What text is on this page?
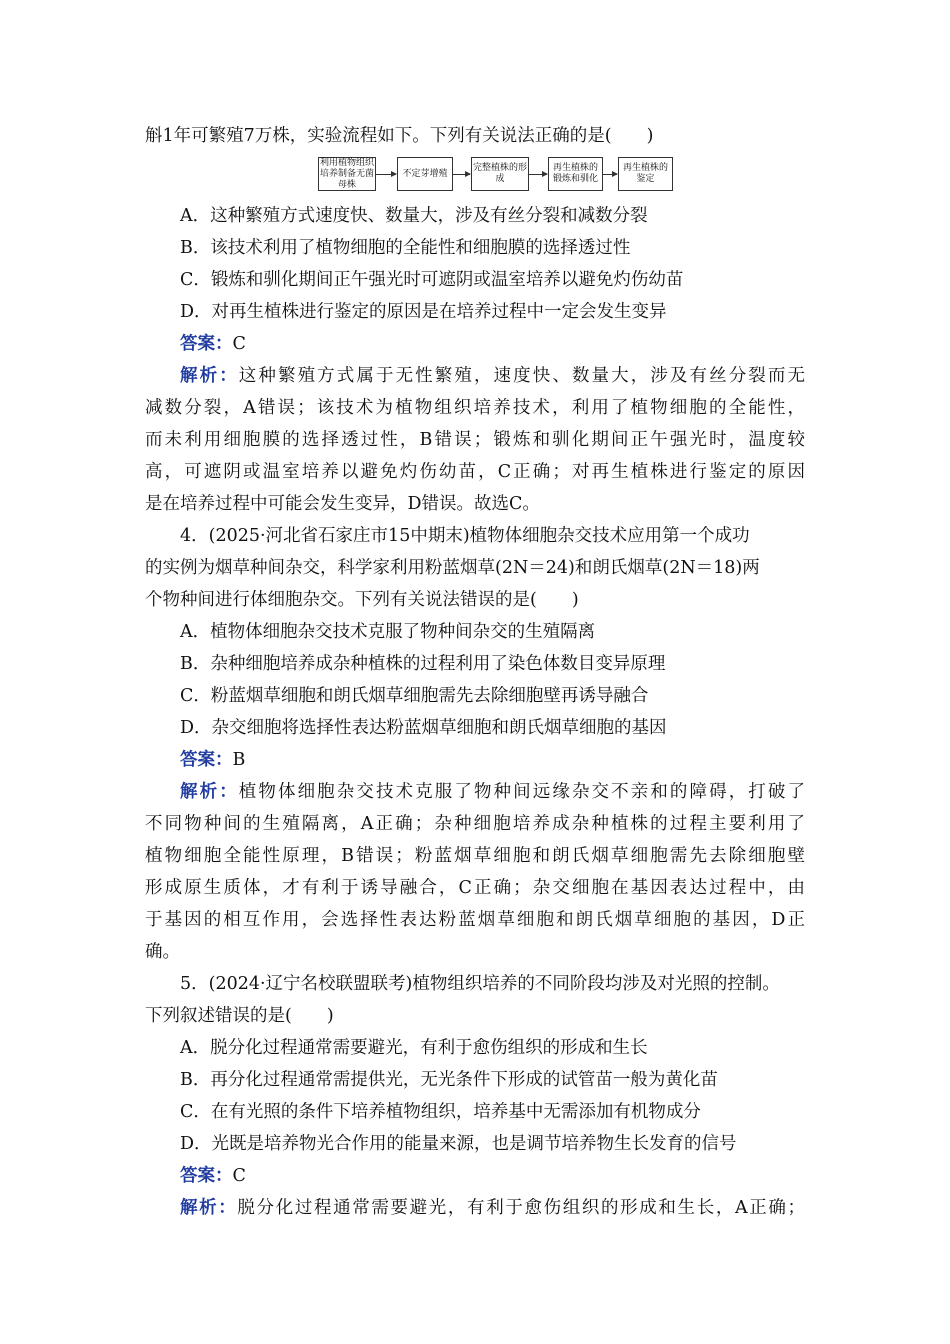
斛1年可繁殖7万株，实验流程如下。下列有关说法正确的是(　　)
利用植物组织培养制备无菌母株
不定芽增殖
完整植株的形成
再生植株的锻炼和驯化
再生植株的鉴定
A．这种繁殖方式速度快、数量大，涉及有丝分裂和减数分裂
B．该技术利用了植物细胞的全能性和细胞膜的选择透过性
C．锻炼和驯化期间正午强光时可遮阴或温室培养以避免灼伤幼苗
D．对再生植株进行鉴定的原因是在培养过程中一定会发生变异
答案：C
解析：这种繁殖方式属于无性繁殖，速度快、数量大，涉及有丝分裂而无
减数分裂，A错误；该技术为植物组织培养技术，利用了植物细胞的全能性，
而未利用细胞膜的选择透过性，B错误；锻炼和驯化期间正午强光时，温度较
高，可遮阴或温室培养以避免灼伤幼苗，C正确；对再生植株进行鉴定的原因
是在培养过程中可能会发生变异，D错误。故选C。
4．(2025·河北省石家庄市15中期末)植物体细胞杂交技术应用第一个成功
的实例为烟草种间杂交，科学家利用粉蓝烟草(2N＝24)和朗氏烟草(2N＝18)两
个物种间进行体细胞杂交。下列有关说法错误的是(　　)
A．植物体细胞杂交技术克服了物种间杂交的生殖隔离
B．杂种细胞培养成杂种植株的过程利用了染色体数目变异原理
C．粉蓝烟草细胞和朗氏烟草细胞需先去除细胞壁再诱导融合
D．杂交细胞将选择性表达粉蓝烟草细胞和朗氏烟草细胞的基因
答案：B
解析：植物体细胞杂交技术克服了物种间远缘杂交不亲和的障碍，打破了
不同物种间的生殖隔离，A正确；杂种细胞培养成杂种植株的过程主要利用了
植物细胞全能性原理，B错误；粉蓝烟草细胞和朗氏烟草细胞需先去除细胞壁
形成原生质体，才有利于诱导融合，C正确；杂交细胞在基因表达过程中，由
于基因的相互作用，会选择性表达粉蓝烟草细胞和朗氏烟草细胞的基因，D正
确。
5．(2024·辽宁名校联盟联考)植物组织培养的不同阶段均涉及对光照的控制。
下列叙述错误的是(　　)
A．脱分化过程通常需要避光，有利于愈伤组织的形成和生长
B．再分化过程通常需提供光，无光条件下形成的试管苗一般为黄化苗
C．在有光照的条件下培养植物组织，培养基中无需添加有机物成分
D．光既是培养物光合作用的能量来源，也是调节培养物生长发育的信号
答案：C
解析：脱分化过程通常需要避光，有利于愈伤组织的形成和生长，A正确；
